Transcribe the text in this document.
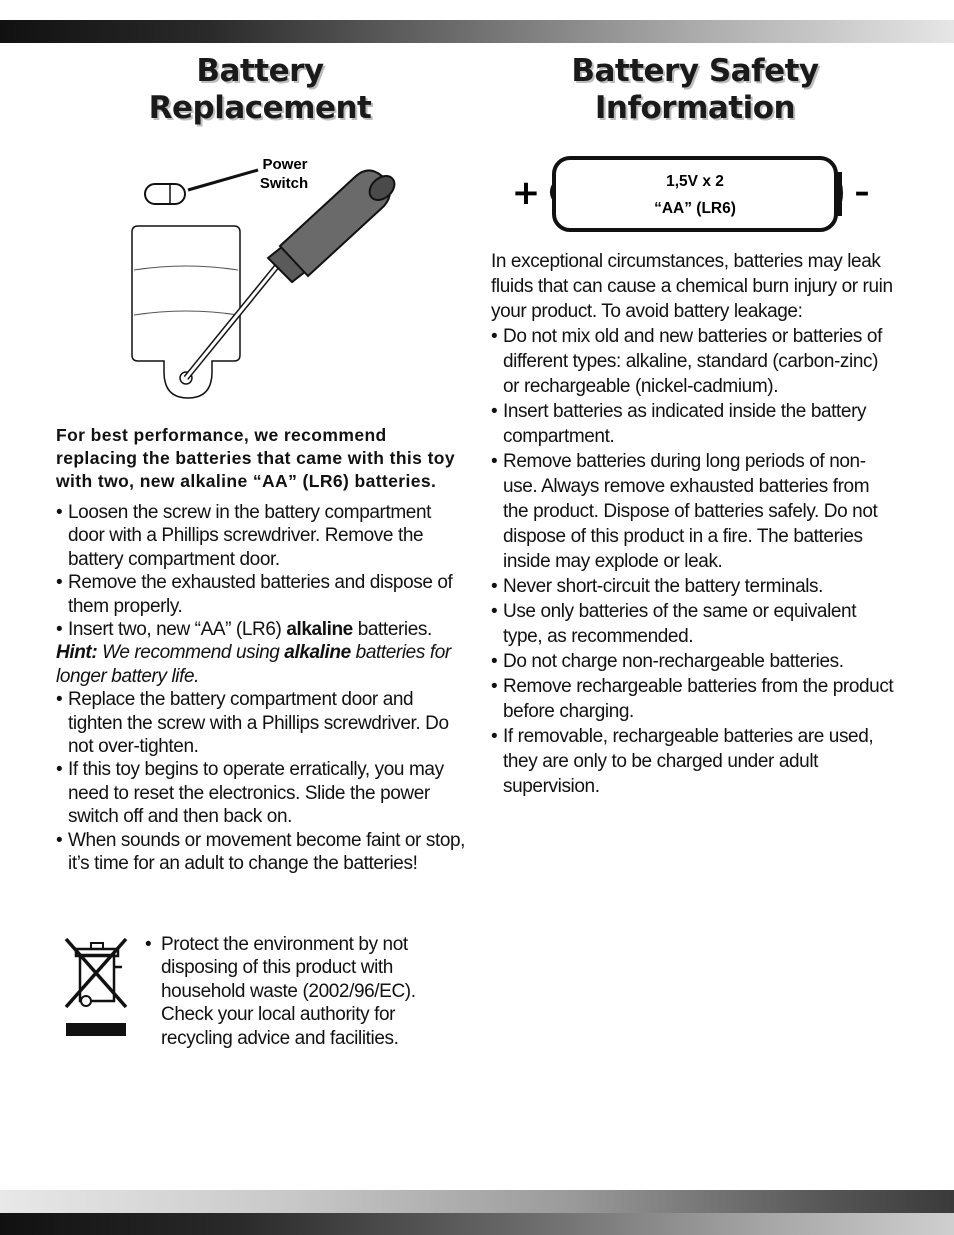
Battery
Replacement
Battery Safety
Information
Power
Switch	+	–
1,5V x 2
“AA” (LR6)

For best performance, we recommend replacing the batteries that came with this toy with two, new alkaline “AA” (LR6) batteries.

• Loosen the screw in the battery compartment door with a Phillips screwdriver. Remove the battery compartment door.
• Remove the exhausted batteries and dispose of them properly.
• Insert two, new “AA” (LR6) alkaline batteries.

Hint: We recommend using alkaline batteries for longer battery life.

• Replace the battery compartment door and tighten the screw with a Phillips screwdriver. Do not over-tighten.
• If this toy begins to operate erratically, you may need to reset the electronics. Slide the power switch off and then back on.
• When sounds or movement become faint or stop, it’s time for an adult to change the batteries!
• Protect the environment by not disposing of this product with household waste (2002/96/EC). Check your local authority for recycling advice and facilities.

In exceptional circumstances, batteries may leak fluids that can cause a chemical burn injury or ruin your product. To avoid battery leakage:

• Do not mix old and new batteries or batteries of different types: alkaline, standard (carbon-zinc) or rechargeable (nickel-cadmium).
• Insert batteries as indicated inside the battery compartment.
• Remove batteries during long periods of non-use. Always remove exhausted batteries from the product. Dispose of batteries safely. Do not dispose of this product in a fire. The batteries inside may explode or leak.
• Never short-circuit the battery terminals.
• Use only batteries of the same or equivalent type, as recommended.
• Do not charge non-rechargeable batteries.
• Remove rechargeable batteries from the product before charging.
• If removable, rechargeable batteries are used, they are only to be charged under adult supervision.
